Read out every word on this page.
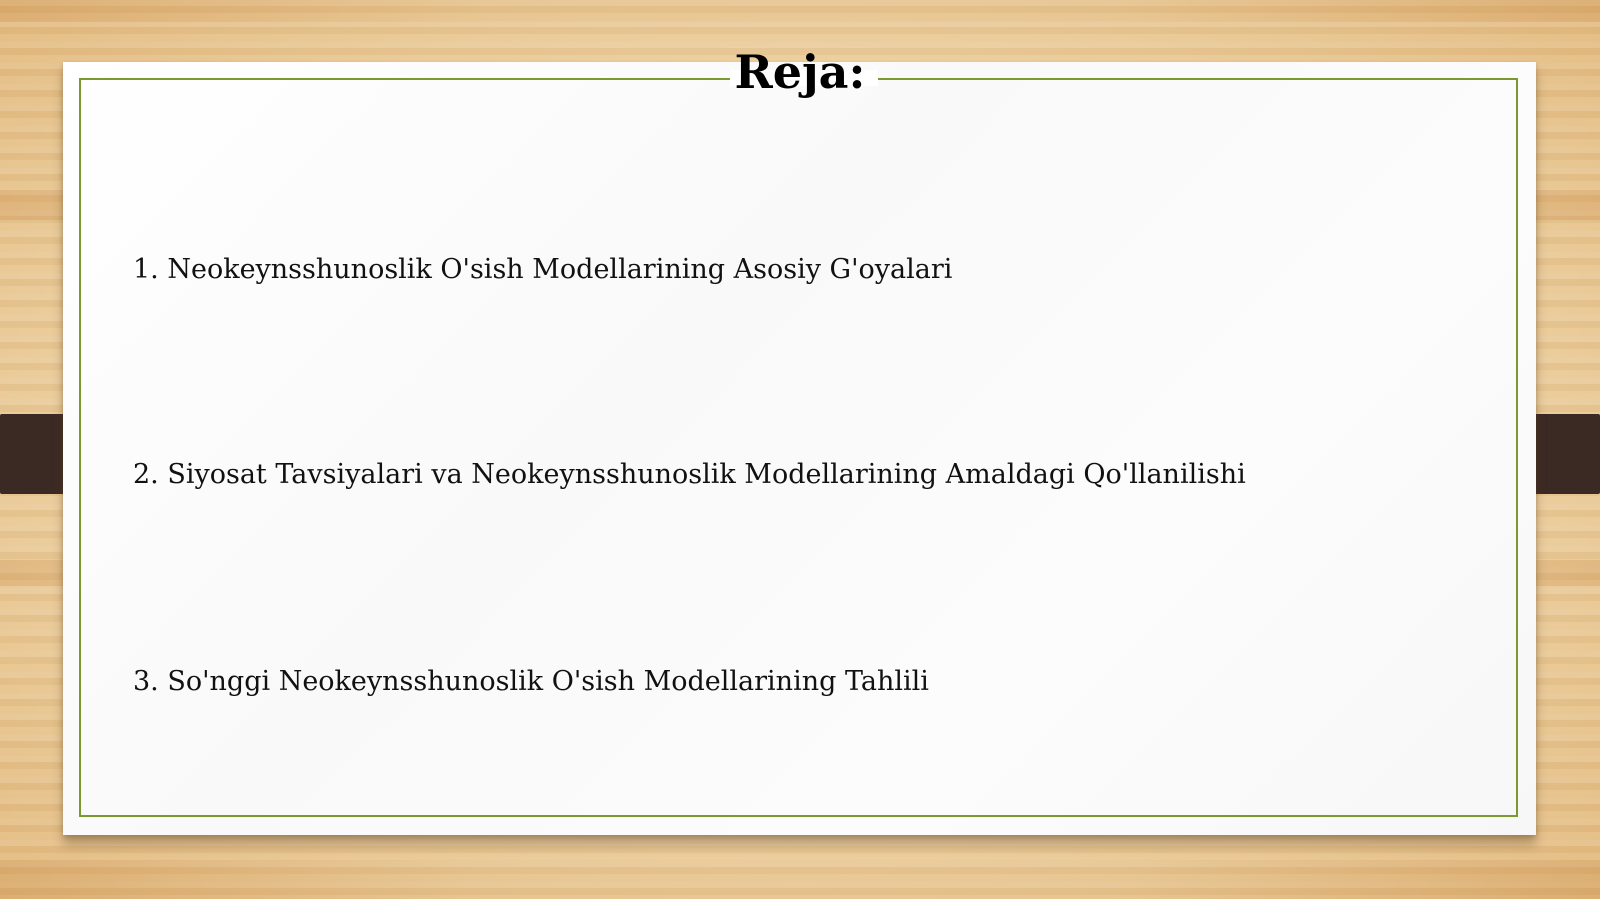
Reja:
1. Neokeynsshunoslik O'sish Modellarining Asosiy G'oyalari
2. Siyosat Tavsiyalari va Neokeynsshunoslik Modellarining Amaldagi Qo'llanilishi
3. So'nggi Neokeynsshunoslik O'sish Modellarining Tahlili
